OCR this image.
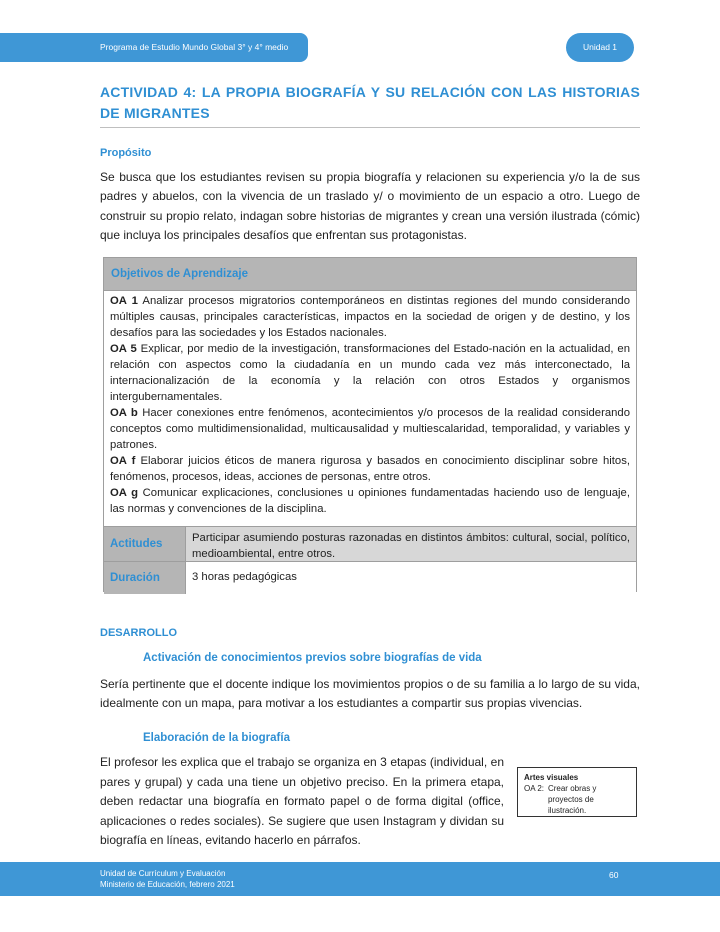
Programa de Estudio Mundo Global 3° y 4° medio	Unidad 1
ACTIVIDAD 4: LA PROPIA BIOGRAFÍA Y SU RELACIÓN CON LAS HISTORIAS DE MIGRANTES
Propósito
Se busca que los estudiantes revisen su propia biografía y relacionen su experiencia y/o la de sus padres y abuelos, con la vivencia de un traslado y/ o movimiento de un espacio a otro. Luego de construir su propio relato, indagan sobre historias de migrantes y crean una versión ilustrada (cómic) que incluya los principales desafíos que enfrentan sus protagonistas.
Objetivos de Aprendizaje

OA 1 Analizar procesos migratorios contemporáneos en distintas regiones del mundo considerando múltiples causas, principales características, impactos en la sociedad de origen y de destino, y los desafíos para las sociedades y los Estados nacionales.

OA 5 Explicar, por medio de la investigación, transformaciones del Estado-nación en la actualidad, en relación con aspectos como la ciudadanía en un mundo cada vez más interconectado, la internacionalización de la economía y la relación con otros Estados y organismos intergubernamentales.

OA b Hacer conexiones entre fenómenos, acontecimientos y/o procesos de la realidad considerando conceptos como multidimensionalidad, multicausalidad y multiescalaridad, temporalidad, y variables y patrones.

OA f Elaborar juicios éticos de manera rigurosa y basados en conocimiento disciplinar sobre hitos, fenómenos, procesos, ideas, acciones de personas, entre otros.

OA g Comunicar explicaciones, conclusiones u opiniones fundamentadas haciendo uso de lenguaje, las normas y convenciones de la disciplina.

Actitudes	Participar asumiendo posturas razonadas en distintos ámbitos: cultural, social, político, medioambiental, entre otros.
Duración	3 horas pedagógicas
DESARROLLO
Activación de conocimientos previos sobre biografías de vida
Sería pertinente que el docente indique los movimientos propios o de su familia a lo largo de su vida, idealmente con un mapa, para motivar a los estudiantes a compartir sus propias vivencias.
Elaboración de la biografía
El profesor les explica que el trabajo se organiza en 3 etapas (individual, en pares y grupal) y cada una tiene un objetivo preciso. En la primera etapa, deben redactar una biografía en formato papel o de forma digital (office, aplicaciones o redes sociales). Se sugiere que usen Instagram y dividan su biografía en líneas, evitando hacerlo en párrafos.
Artes visuales
OA 2: Crear obras y proyectos de ilustración.
Unidad de Currículum y Evaluación
Ministerio de Educación, febrero 2021
60
